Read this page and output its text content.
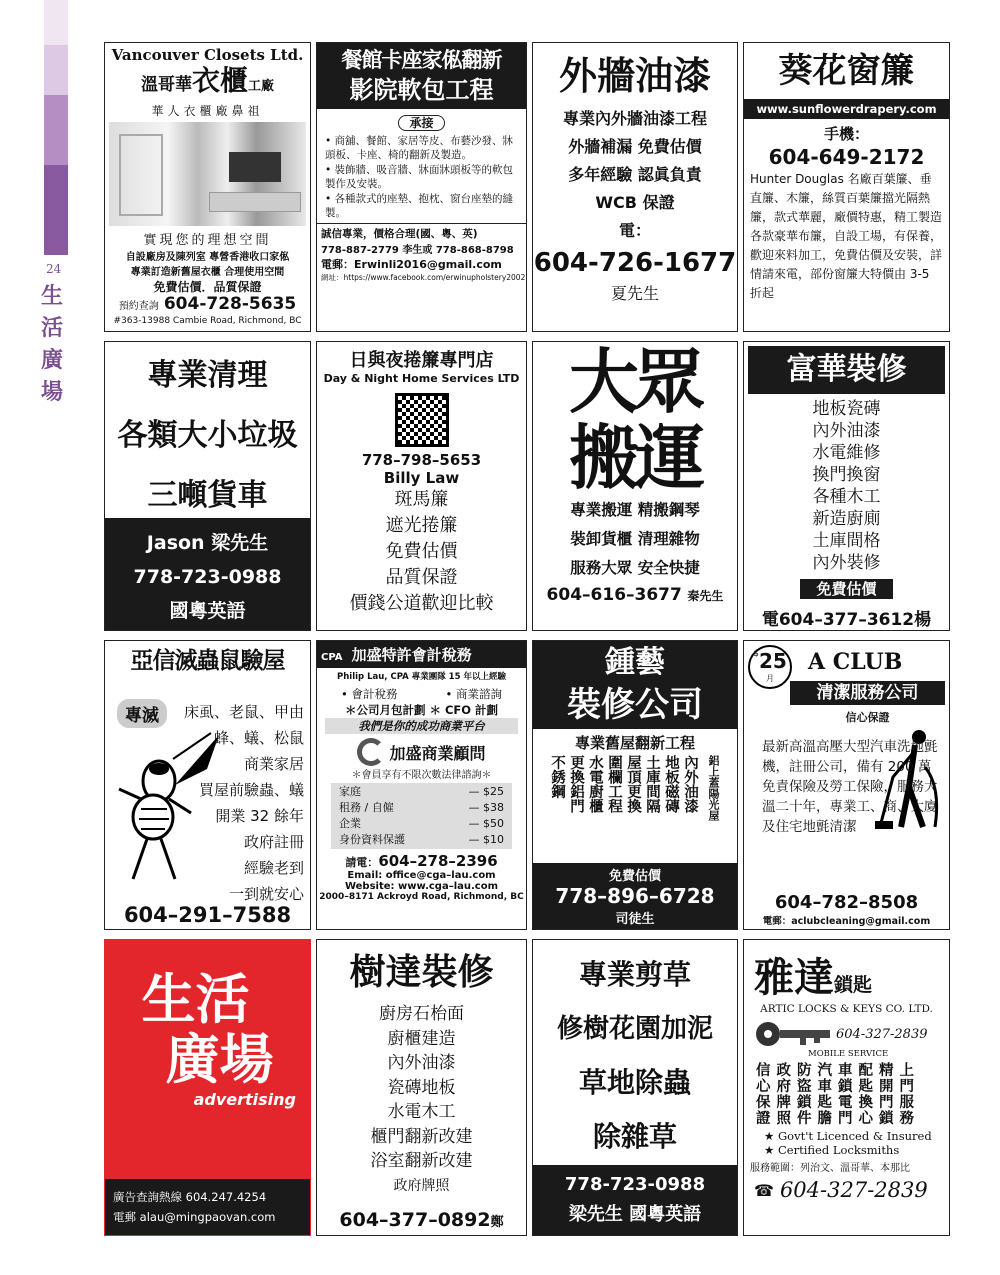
24
生活廣場
Vancouver Closets Ltd.
溫哥華衣櫃工廠
華人衣櫃廠鼻祖
實現您的理想空間
自設廠房及陳列室 專營香港收口家俬
專業訂造新舊屋衣櫃 合理使用空間
免費估價．品質保證
預約查詢 604-728-5635
#363-13988 Cambie Road, Richmond, BC
餐館卡座家俬翻新
影院軟包工程
承接
• 商舖、餐館、家居等皮、布藝沙發、牀頭板、卡座、椅的翻新及製造。
• 裝飾牆、吸音牆、牀面牀頭板等的軟包製作及安裝。
• 各種款式的座墊、抱枕、窗台座墊的縫製。
誠信專業，價格合理(國、粵、英)
778-887-2779 李生或 778-868-8798
電郵：Erwinli2016@gmail.com
網址：https://www.facebook.com/erwinupholstery2002
外牆油漆
專業內外牆油漆工程
外牆補漏 免費估價
多年經驗 認眞負責
WCB 保證
電：
604-726-1677
夏先生
葵花窗簾
www.sunflowerdrapery.com
手機：
604-649-2172
Hunter Douglas 名廠百葉簾、垂直簾、木簾，絲質百葉簾擋光隔熱簾，款式華麗，廠價特惠，精工製造各款豪華布簾，自設工場，有保養，歡迎來料加工，免費估價及安裝，詳情請來電，部份窗簾大特價由 3-5 折起
專業清理
各類大小垃圾
三噸貨車
Jason 梁先生
778-723-0988
國粵英語
日與夜捲簾專門店
Day & Night Home Services LTD
778–798–5653
Billy Law
斑馬簾
遮光捲簾
免費估價
品質保證
價錢公道歡迎比較
大眾
搬運
專業搬運 精搬鋼琴
裝卸貨櫃 清理雜物
服務大眾 安全快捷
604–616–3677 秦先生
富華裝修
地板瓷磚
內外油漆
水電維修
換門換窗
各種木工
新造廚廁
土庫間格
內外裝修
免費估價
電604–377–3612楊
亞信滅蟲鼠驗屋
專滅	床虱、老鼠、甲由
蜂、蟻、松鼠
商業家居
買屋前驗蟲、蟻
開業 32 餘年
政府註冊
經驗老到
一到就安心
604–291–7588
CPA 加盛特許會計稅務
Philip Lau, CPA 專業團隊 15 年以上經驗
• 會計稅務	• 商業諮詢
＊公司月包計劃 ＊ CFO 計劃
我們是你的成功商業平台
加盛商業顧問
＊會員享有不限次數法律諮詢＊
家庭	— $25
租務 / 自僱	— $38
企業	— $50
身份資料保護	— $10
請電：604–278–2396
Email: office@cga–lau.com
Website: www.cga–lau.com
2000–8171 Ackroyd Road, Richmond, BC
鍾藝
裝修公司
專業舊屋翻新工程
內外油漆
地板磁磚
土庫間隔
屋頂更換
圍欄工程
水電廚櫃
更換鋁門
不銹鋼	鋁上蓋陽光屋
免費估價
778–896–6728
司徒生
$25
月
A CLUB
清潔服務公司
信心保證
最新高溫高壓大型汽車洗地氈機，註冊公司，備有 200 萬免責保險及勞工保險，服務大溫二十年，專業工、商、大廈及住宅地氈清潔
604–782–8508
電郵：aclubcleaning@gmail.com
生活
廣場
advertising
廣告查詢熱線 604.247.4254
電郵 alau@mingpaovan.com
樹達裝修
廚房石枱面
廚櫃建造
內外油漆
瓷磚地板
水電木工
櫃門翻新改建
浴室翻新改建
政府牌照
604–377–0892鄭
專業剪草
修樹花園加泥
草地除蟲
除雜草
778-723-0988
梁先生 國粵英語
雅達鎖匙
ARTIC LOCKS & KEYS CO. LTD.
604-327-2839
MOBILE SERVICE
信政防汽車配精上
心府盜車鎖匙開門
保牌鎖匙電換門服
證照件膽門心鎖務
★ Govt't Licenced & Insured
★ Certified Locksmiths
服務範圍：列治文、溫哥華、本那比
☎ 604-327-2839
